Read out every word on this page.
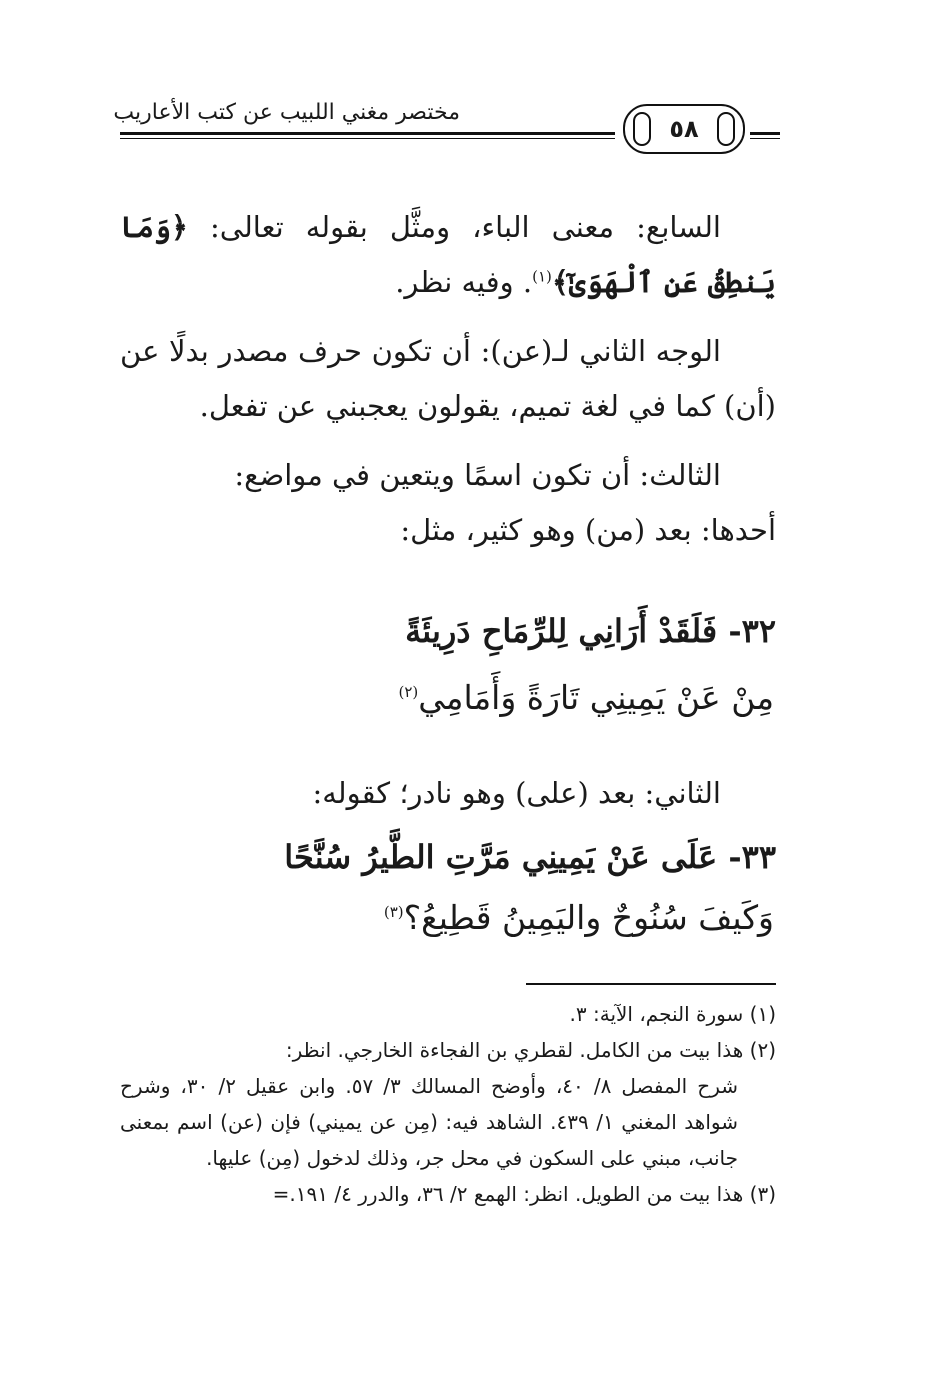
مختصر مغني اللبيب عن كتب الأعاريب
٥٨

السابع: معنى الباء، ومثَّل بقوله تعالى: ﴿وَمَا يَنطِقُ عَنِ ٱلْهَوَىٰٓ﴾$^{(١)}$. وفيه نظر.

الوجه الثاني لـ(عن): أن تكون حرف مصدر بدلًا عن (أن) كما في لغة تميم، يقولون يعجبني عن تفعل.

الثالث: أن تكون اسمًا ويتعين في مواضع:

أحدها: بعد (من) وهو كثير، مثل:

٣٢- فَلَقَدْ أَرَانِي لِلرِّمَاحِ دَرِيئَةً
مِنْ عَنْ يَمِينِي تَارَةً وَأَمَامِي$^{(٢)}$

الثاني: بعد (على) وهو نادر؛ كقوله:

٣٣- عَلَى عَنْ يَمِينِي مَرَّتِ الطَّيرُ سُنَّحًا
وَكَيفَ سُنُوحٌ واليَمِينُ قَطِيعُ؟$^{(٣)}$

(١) سورة النجم، الآية: ٣.

(٢) هذا بيت من الكامل. لقطري بن الفجاءة الخارجي. انظر:

شرح المفصل ٨/ ٤٠، وأوضح المسالك ٣/ ٥٧. وابن عقيل ٢/ ٣٠، وشرح شواهد المغني ١/ ٤٣٩. الشاهد فيه: (مِن عن يميني) فإن (عن) اسم بمعنى جانب، مبني على السكون في محل جر، وذلك لدخول (مِن) عليها.

(٣) هذا بيت من الطويل. انظر: الهمع ٢/ ٣٦، والدرر ٤/ ١٩١.=
